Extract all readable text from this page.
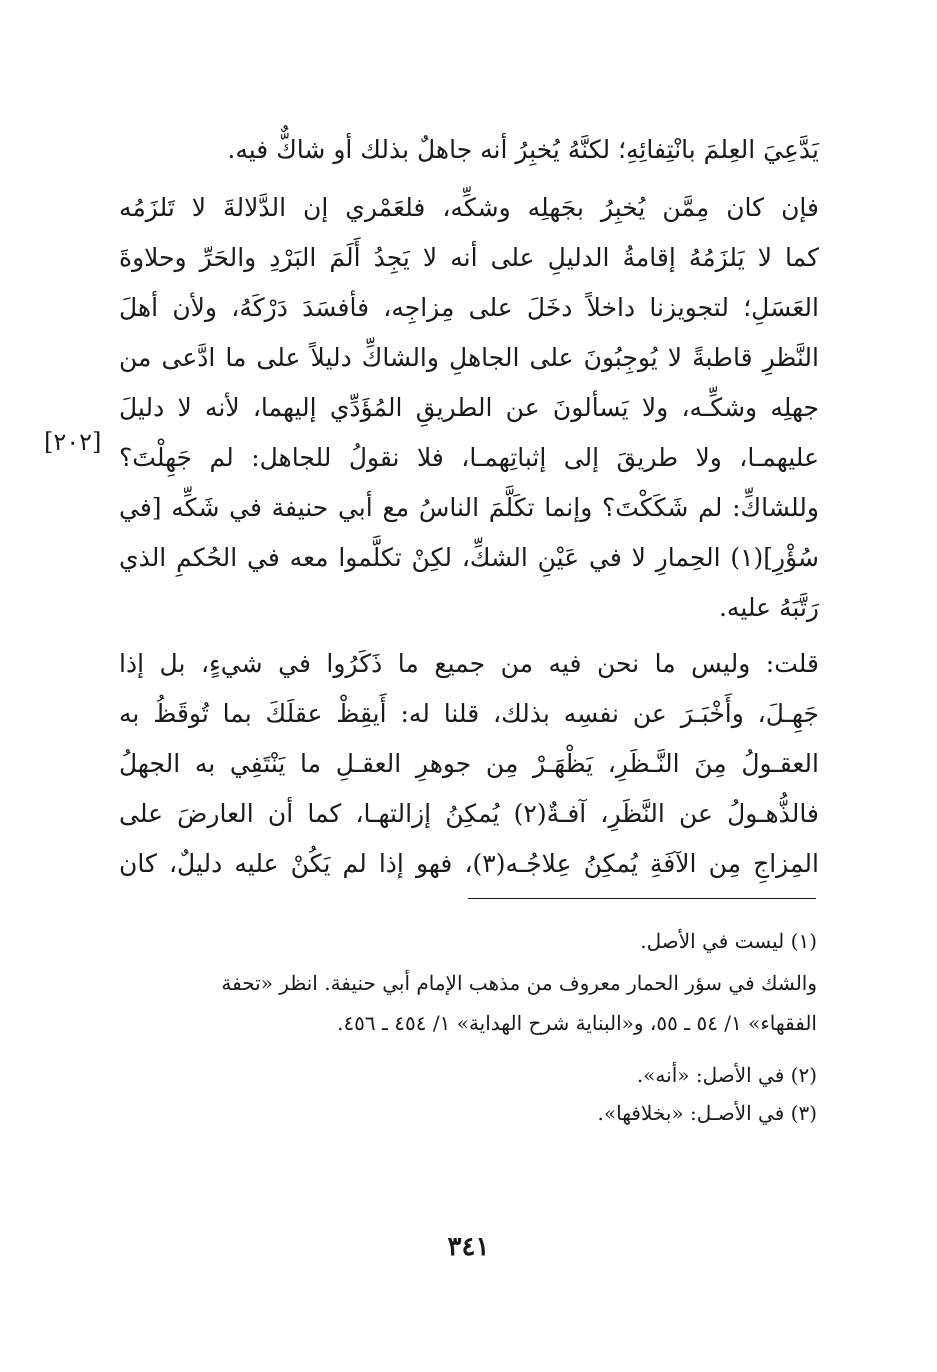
يَدَّعِيَ العِلمَ بانْتِفائِهِ؛ لكنَّهُ يُخبِرُ أنه جاهلٌ بذلك أو شاكٌّ فيه.
فإن كان مِمَّن يُخبِرُ بجَهلِه وشكِّه، فلعَمْري إن الدَّلالةَ لا تَلزَمُه
كما لا يَلزَمُهُ إقامةُ الدليلِ على أنه لا يَجِدُ أَلَمَ البَرْدِ والحَرِّ وحلاوةَ
العَسَلِ؛ لتجويزنا داخلاً دخَلَ على مِزاجِه، فأفسَدَ دَرْكَهُ، ولأن أهلَ
النَّظرِ قاطبةً لا يُوجِبُونَ على الجاهلِ والشاكِّ دليلاً على ما ادَّعى من
جهلِه وشكِّـه، ولا يَسألونَ عن الطريقِ المُؤَدِّي إليهما، لأنه لا دليلَ
عليهمـا، ولا طريقَ إلى إثباتِهمـا، فلا نقولُ للجاهل: لم جَهِلْتَ؟
وللشاكِّ: لم شَكَكْتَ؟ وإنما تكَلَّمَ الناسُ مع أبي حنيفة في شَكِّه [في
سُؤْرِ](١) الحِمارِ لا في عَيْنِ الشكِّ، لكِنْ تكلَّموا معه في الحُكمِ الذي
رَتَّبَهُ عليه.
[٢٠٢]
قلت: وليس ما نحن فيه من جميع ما ذَكَرُوا في شيءٍ، بل إذا
جَهِـلَ، وأَخْبَـرَ عن نفسِه بذلك، قلنا له: أَيقِظْ عقلَكَ بما تُوقَظُ به
العقـولُ مِنَ النَّـظَرِ، يَظْهَـرْ مِن جوهرِ العقـلِ ما يَنْتَفِي به الجهلُ
فالذُّهـولُ عن النَّظَرِ، آفـةٌ(٢) يُمكِنُ إزالتهـا، كما أن العارضَ على
المِزاجِ مِن الآفَةِ يُمكِنُ عِلاجُـه(٣)، فهو إذا لم يَكُنْ عليه دليلٌ، كان
(١) ليست في الأصل.
والشك في سؤر الحمار معروف من مذهب الإمام أبي حنيفة. انظر «تحفة
الفقهاء» ١/ ٥٤ ـ ٥٥، و«البناية شرح الهداية» ١/ ٤٥٤ ـ ٤٥٦.
(٢) في الأصل: «أنه».
(٣) في الأصـل: «بخلافها».
٣٤١
